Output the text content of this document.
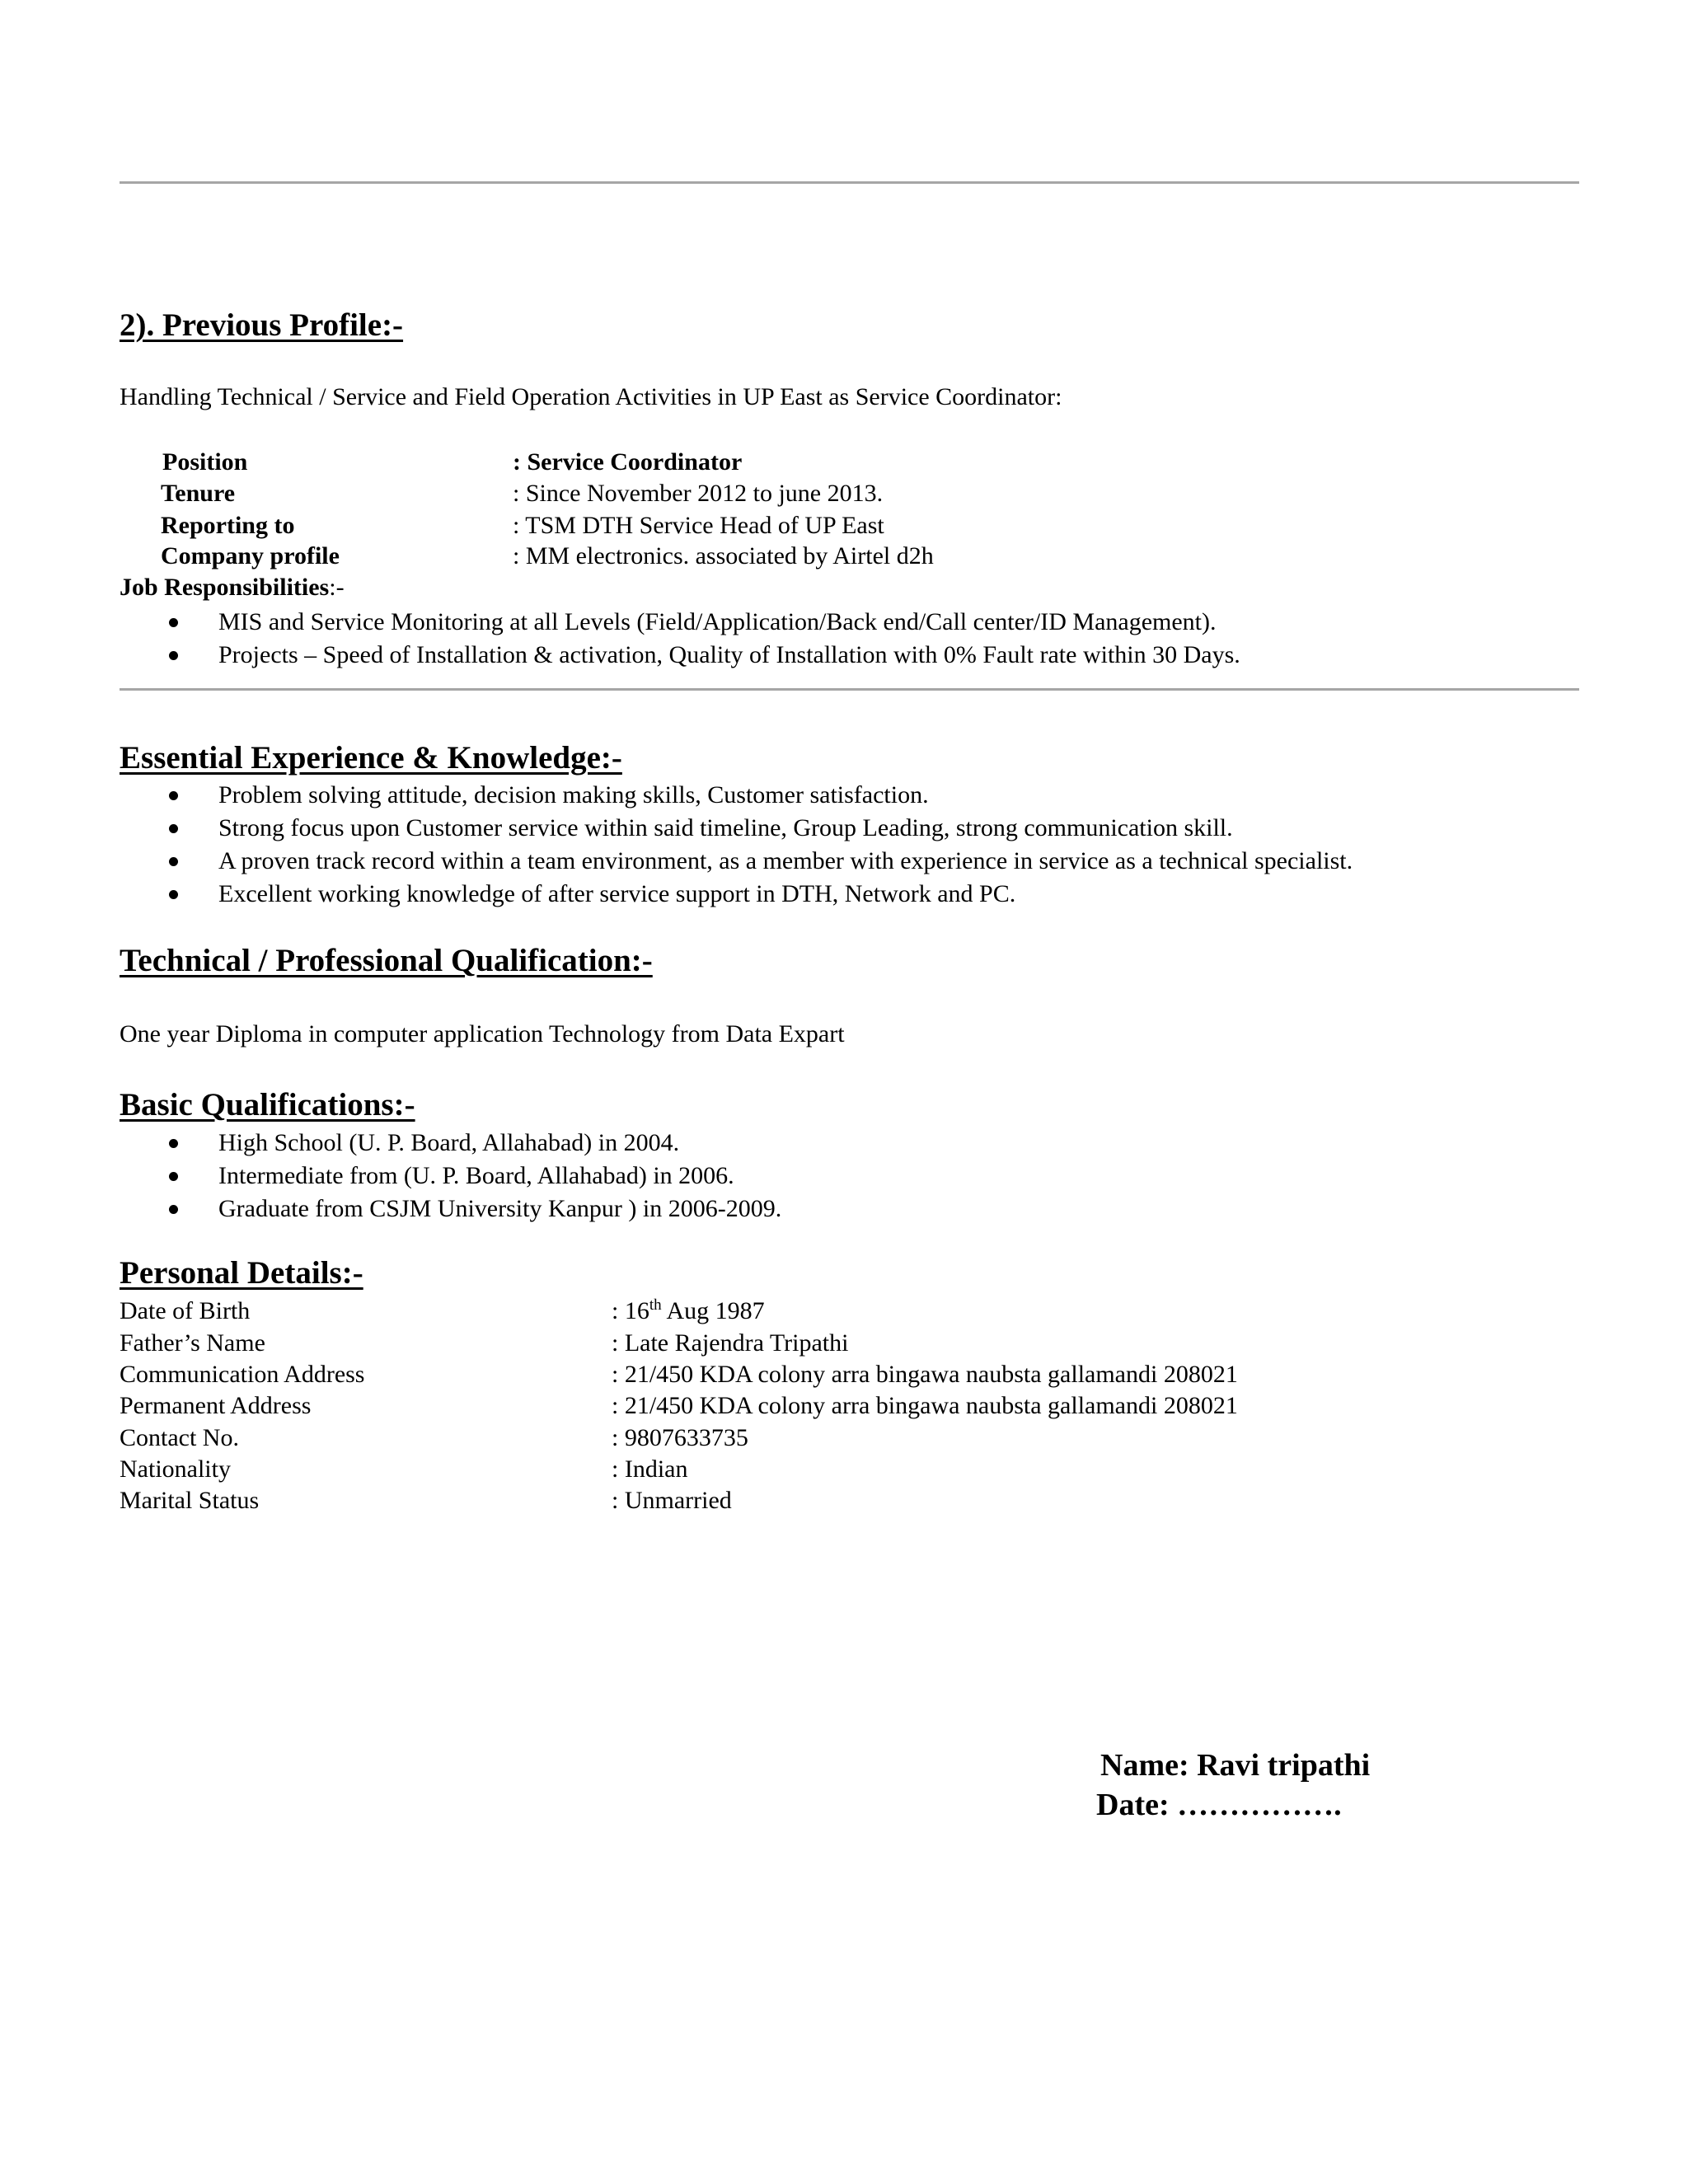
2). Previous Profile:-
Handling Technical / Service and Field Operation Activities in UP East as Service Coordinator:
Position	: Service Coordinator
Tenure	: Since November 2012 to june 2013.
Reporting to	: TSM DTH Service Head of UP East
Company profile	: MM electronics. associated by Airtel d2h
Job Responsibilities:-
MIS and Service Monitoring at all Levels (Field/Application/Back end/Call center/ID Management).
Projects – Speed of Installation & activation, Quality of Installation with 0% Fault rate within 30 Days.
Essential Experience & Knowledge:-
Problem solving attitude, decision making skills, Customer satisfaction.
Strong focus upon Customer service within said timeline, Group Leading, strong communication skill.
A proven track record within a team environment, as a member with experience in service as a technical specialist.
Excellent working knowledge of after service support in DTH, Network and PC.
Technical / Professional Qualification:-
One year Diploma in computer application Technology from Data Expart
Basic Qualifications:-
High School (U. P. Board, Allahabad) in 2004.
Intermediate from (U. P. Board, Allahabad) in 2006.
Graduate from CSJM University Kanpur ) in 2006-2009.
Personal Details:-
Date of Birth	: 16th Aug 1987
Father’s Name	: Late Rajendra Tripathi
Communication Address	: 21/450 KDA colony arra bingawa naubsta gallamandi 208021
Permanent Address	: 21/450 KDA colony arra bingawa naubsta gallamandi 208021
Contact No.	: 9807633735
Nationality	: Indian
Marital Status	: Unmarried
Name: Ravi tripathi
Date: …………….
